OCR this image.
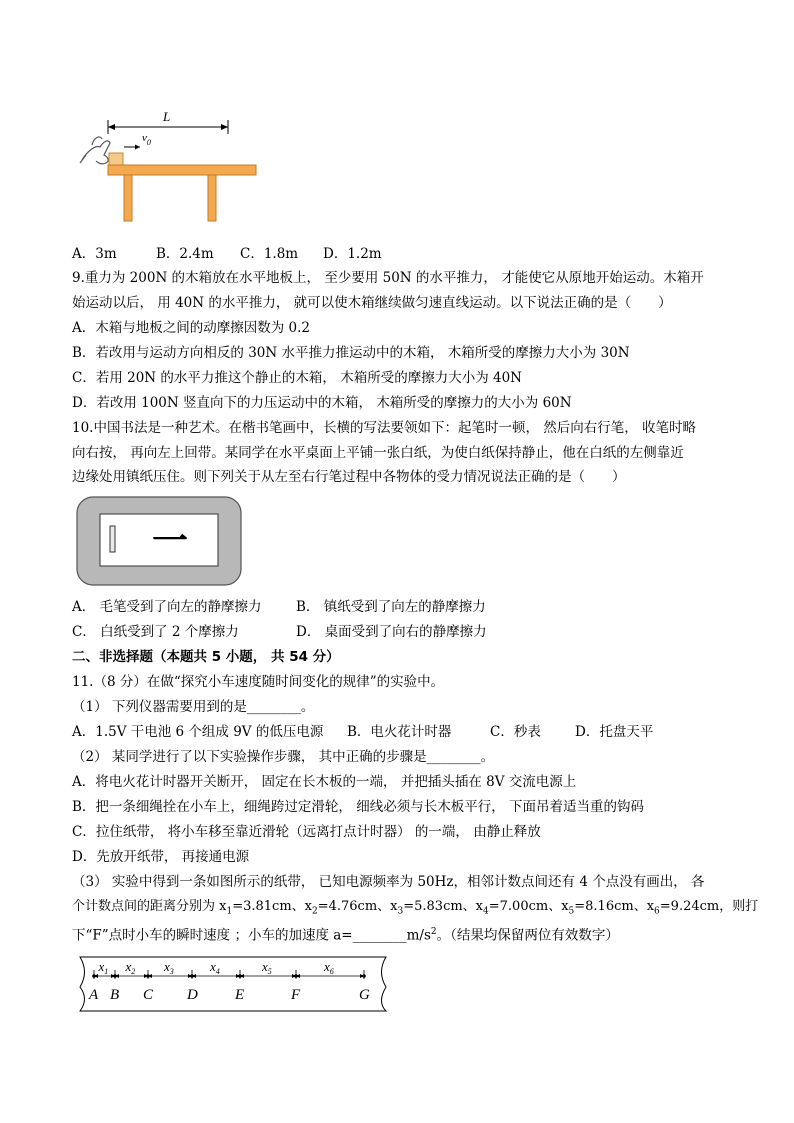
L
$v_0$
A．3m	B．2.4m C．1.8m D．1.2m
9.重力为 200N 的木箱放在水平地板上， 至少要用 50N 的水平推力， 才能使它从原地开始运动。木箱开
始运动以后， 用 40N 的水平推力， 就可以使木箱继续做匀速直线运动。以下说法正确的是（　　）
A．木箱与地板之间的动摩擦因数为 0.2
B．若改用与运动方向相反的 30N 水平推力推运动中的木箱， 木箱所受的摩擦力大小为 30N
C．若用 20N 的水平力推这个静止的木箱， 木箱所受的摩擦力大小为 40N
D．若改用 100N 竖直向下的力压运动中的木箱， 木箱所受的摩擦力的大小为 60N
10.中国书法是一种艺术。在楷书笔画中，长横的写法要领如下：起笔时一顿， 然后向右行笔， 收笔时略
向右按， 再向左上回带。某同学在水平桌面上平铺一张白纸，为使白纸保持静止，他在白纸的左侧靠近
边缘处用镇纸压住。则下列关于从左至右行笔过程中各物体的受力情况说法正确的是（　　）
一
A． 毛笔受到了向左的静摩擦力	B． 镇纸受到了向左的静摩擦力
C． 白纸受到了 2 个摩擦力	D． 桌面受到了向右的静摩擦力
二、非选择题（本题共 5 小题， 共 54 分）
11.（8 分）在做“探究小车速度随时间变化的规律”的实验中。
（1） 下列仪器需要用到的是________。
A．1.5V 干电池 6 个组成 9V 的低压电源 B．电火花计时器	C．秒表	D．托盘天平
（2） 某同学进行了以下实验操作步骤， 其中正确的步骤是________。
A．将电火花计时器开关断开， 固定在长木板的一端， 并把插头插在 8V 交流电源上
B．把一条细绳拴在小车上，细绳跨过定滑轮， 细线必须与长木板平行， 下面吊着适当重的钩码
C．拉住纸带， 将小车移至靠近滑轮（远离打点计时器） 的一端， 由静止释放
D．先放开纸带， 再接通电源
（3） 实验中得到一条如图所示的纸带， 已知电源频率为 50Hz，相邻计数点间还有 4 个点没有画出， 各
个计数点间的距离分别为 $x_1=3.81cm$、$x_2=4.76cm$、$x_3=5.83cm$、$x_4=7.00cm$、$x_5=8.16cm$、$x_6=9.24cm$，则打
下“F”点时小车的瞬时速度 ；小车的加速度 $a=\_\_\_\_\_\_\_\_m/s^2$。（结果均保留两位有效数字）
$x_1$ $x_2$ $x_3$	$x_4$	$x_5$	$x_6$
A B C D E	F	G
